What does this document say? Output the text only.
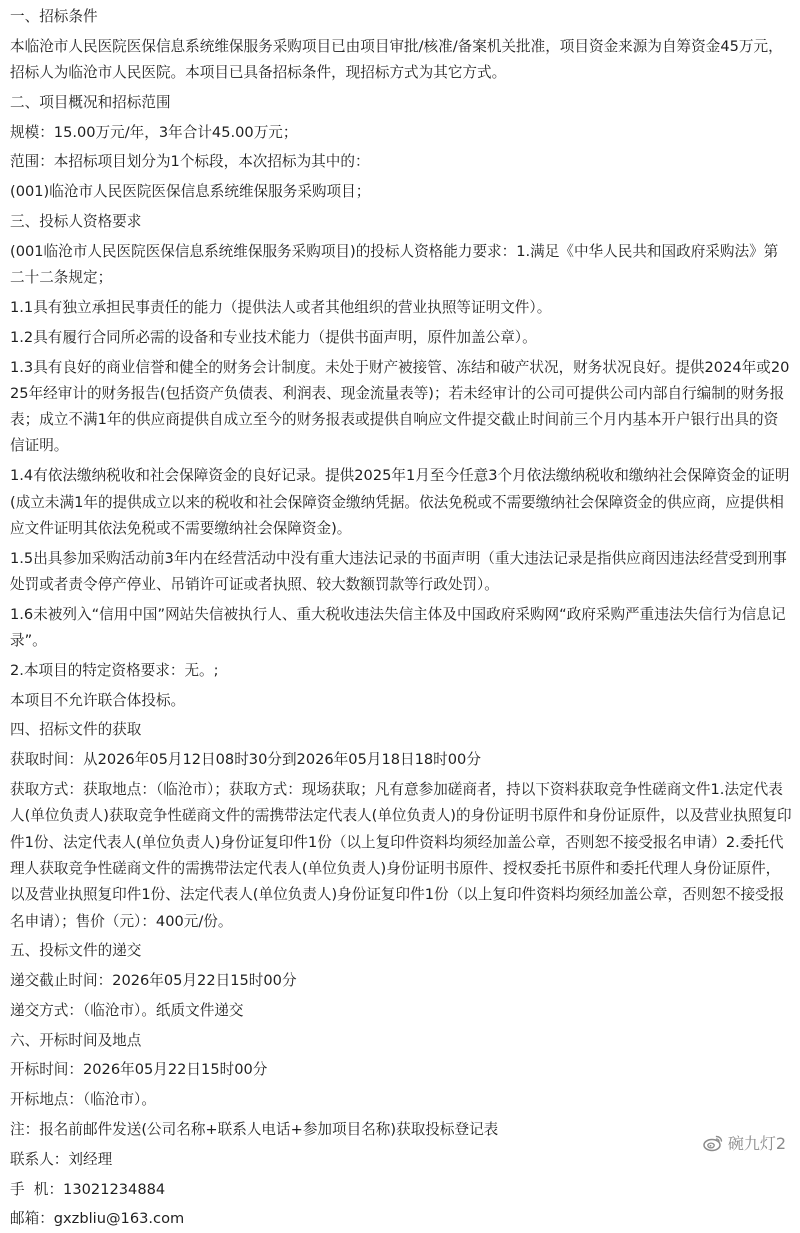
一、招标条件

本临沧市人民医院医保信息系统维保服务采购项目已由项目审批/核准/备案机关批准，项目资金来源为自筹资金45万元，招标人为临沧市人民医院。本项目已具备招标条件，现招标方式为其它方式。

二、项目概况和招标范围

规模：15.00万元/年，3年合计45.00万元；

范围：本招标项目划分为1个标段，本次招标为其中的：

(001)临沧市人民医院医保信息系统维保服务采购项目；

三、投标人资格要求

(001临沧市人民医院医保信息系统维保服务采购项目)的投标人资格能力要求：1.满足《中华人民共和国政府采购法》第二十二条规定；

1.1具有独立承担民事责任的能力（提供法人或者其他组织的营业执照等证明文件）。

1.2具有履行合同所必需的设备和专业技术能力（提供书面声明，原件加盖公章）。

1.3具有良好的商业信誉和健全的财务会计制度。未处于财产被接管、冻结和破产状况，财务状况良好。提供2024年或2025年经审计的财务报告(包括资产负债表、利润表、现金流量表等)；若未经审计的公司可提供公司内部自行编制的财务报表；成立不满1年的供应商提供自成立至今的财务报表或提供自响应文件提交截止时间前三个月内基本开户银行出具的资信证明。

1.4有依法缴纳税收和社会保障资金的良好记录。提供2025年1月至今任意3个月依法缴纳税收和缴纳社会保障资金的证明(成立未满1年的提供成立以来的税收和社会保障资金缴纳凭据。依法免税或不需要缴纳社会保障资金的供应商，应提供相应文件证明其依法免税或不需要缴纳社会保障资金)。

1.5出具参加采购活动前3年内在经营活动中没有重大违法记录的书面声明（重大违法记录是指供应商因违法经营受到刑事处罚或者责令停产停业、吊销许可证或者执照、较大数额罚款等行政处罚）。

1.6未被列入“信用中国”网站失信被执行人、重大税收违法失信主体及中国政府采购网“政府采购严重违法失信行为信息记录”。

2.本项目的特定资格要求：无。;

本项目不允许联合体投标。

四、招标文件的获取

获取时间：从2026年05月12日08时30分到2026年05月18日18时00分

获取方式：获取地点：（临沧市）；获取方式：现场获取；凡有意参加磋商者，持以下资料获取竞争性磋商文件1.法定代表人(单位负责人)获取竞争性磋商文件的需携带法定代表人(单位负责人)的身份证明书原件和身份证原件，以及营业执照复印件1份、法定代表人(单位负责人)身份证复印件1份（以上复印件资料均须经加盖公章，否则恕不接受报名申请）2.委托代理人获取竞争性磋商文件的需携带法定代表人(单位负责人)身份证明书原件、授权委托书原件和委托代理人身份证原件，以及营业执照复印件1份、法定代表人(单位负责人)身份证复印件1份（以上复印件资料均须经加盖公章，否则恕不接受报名申请）；售价（元）：400元/份。

五、投标文件的递交

递交截止时间：2026年05月22日15时00分

递交方式：（临沧市）。纸质文件递交

六、开标时间及地点

开标时间：2026年05月22日15时00分

开标地点：（临沧市）。

注：报名前邮件发送(公司名称+联系人电话+参加项目名称)获取投标登记表

联系人：刘经理

手  机：13021234884

邮箱：gxzbliu@163.com

碗九灯2
